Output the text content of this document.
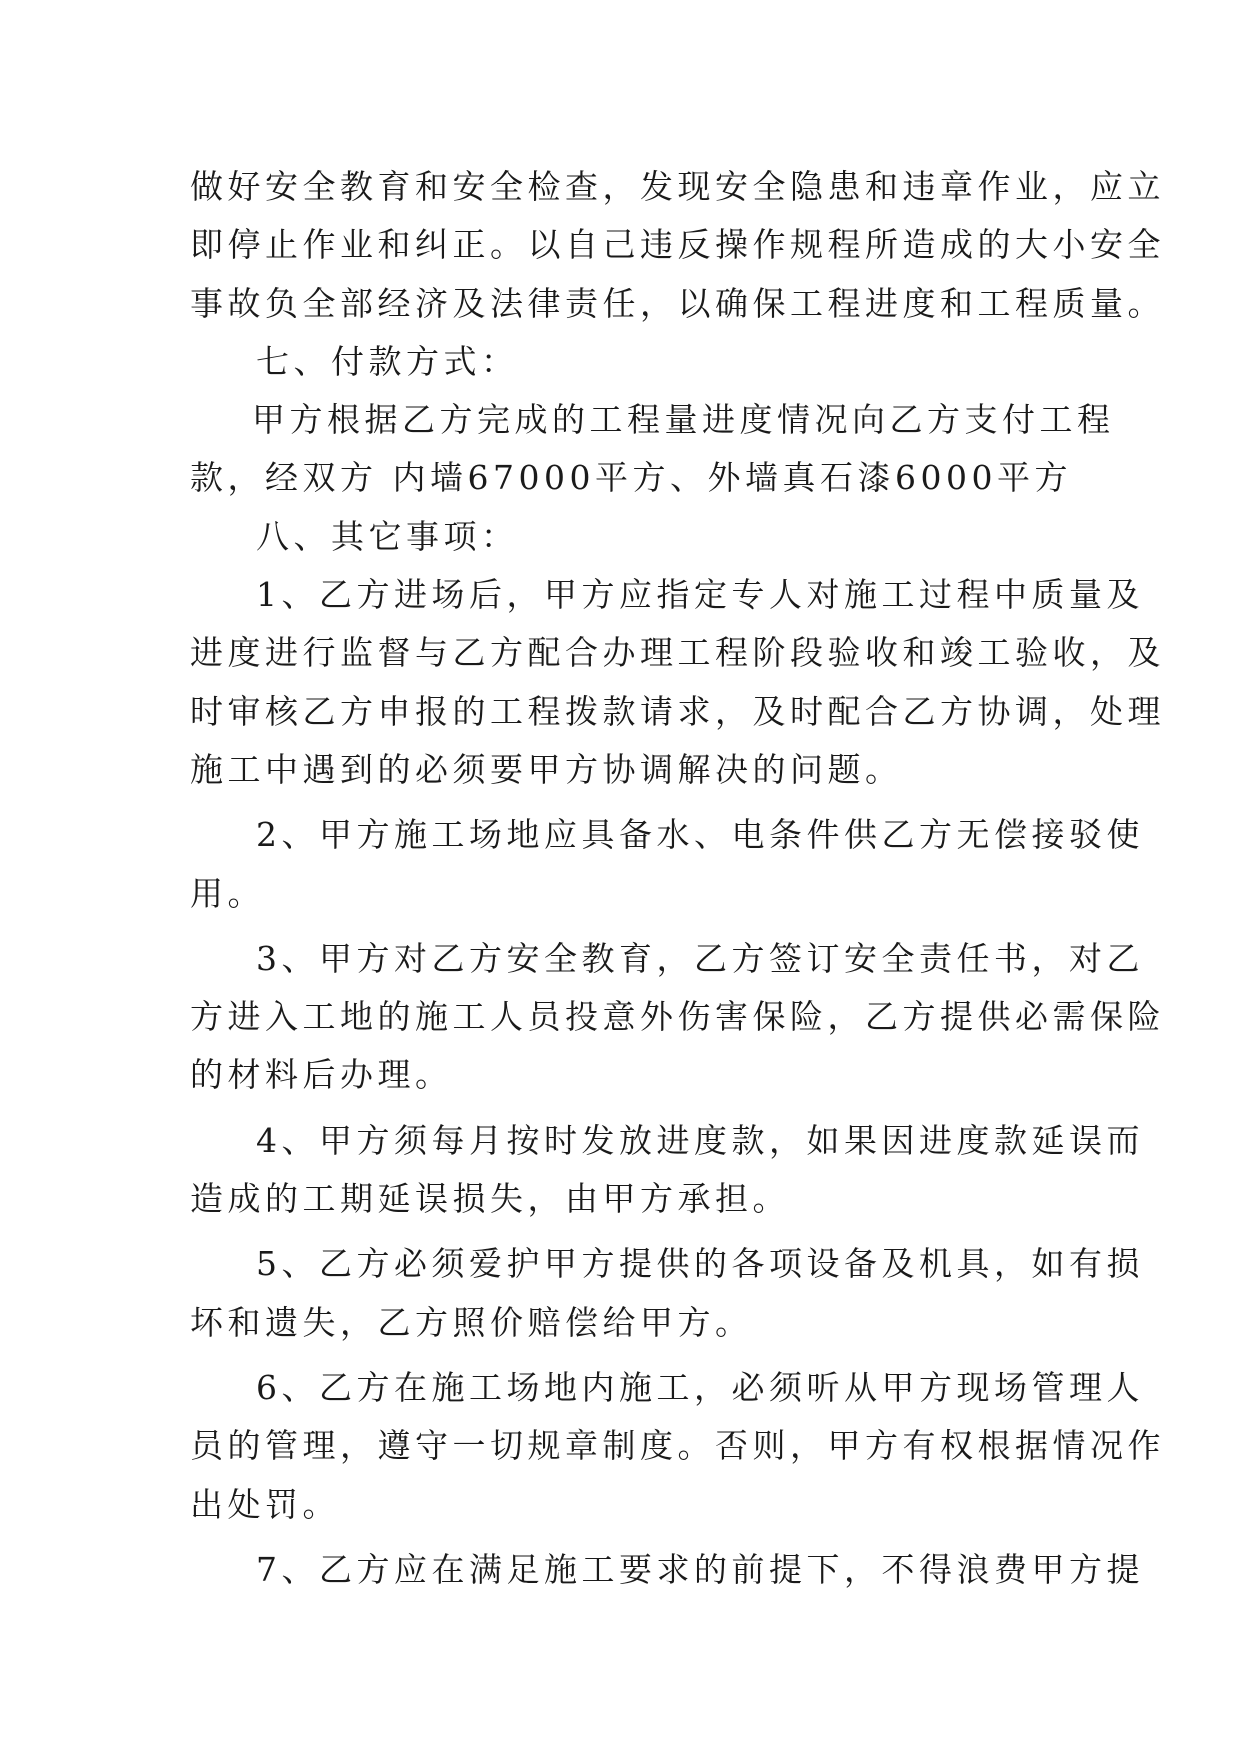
做好安全教育和安全检查，发现安全隐患和违章作业，应立
即停止作业和纠正。以自己违反操作规程所造成的大小安全
事故负全部经济及法律责任，以确保工程进度和工程质量。
七、付款方式：
甲方根据乙方完成的工程量进度情况向乙方支付工程
款，经双方 内墙67000平方、外墙真石漆6000平方
八、其它事项：
1、乙方进场后，甲方应指定专人对施工过程中质量及
进度进行监督与乙方配合办理工程阶段验收和竣工验收，及
时审核乙方申报的工程拨款请求，及时配合乙方协调，处理
施工中遇到的必须要甲方协调解决的问题。
2、甲方施工场地应具备水、电条件供乙方无偿接驳使
用。
3、甲方对乙方安全教育，乙方签订安全责任书，对乙
方进入工地的施工人员投意外伤害保险，乙方提供必需保险
的材料后办理。
4、甲方须每月按时发放进度款，如果因进度款延误而
造成的工期延误损失，由甲方承担。
5、乙方必须爱护甲方提供的各项设备及机具，如有损
坏和遗失，乙方照价赔偿给甲方。
6、乙方在施工场地内施工，必须听从甲方现场管理人
员的管理，遵守一切规章制度。否则，甲方有权根据情况作
出处罚。
7、乙方应在满足施工要求的前提下，不得浪费甲方提
